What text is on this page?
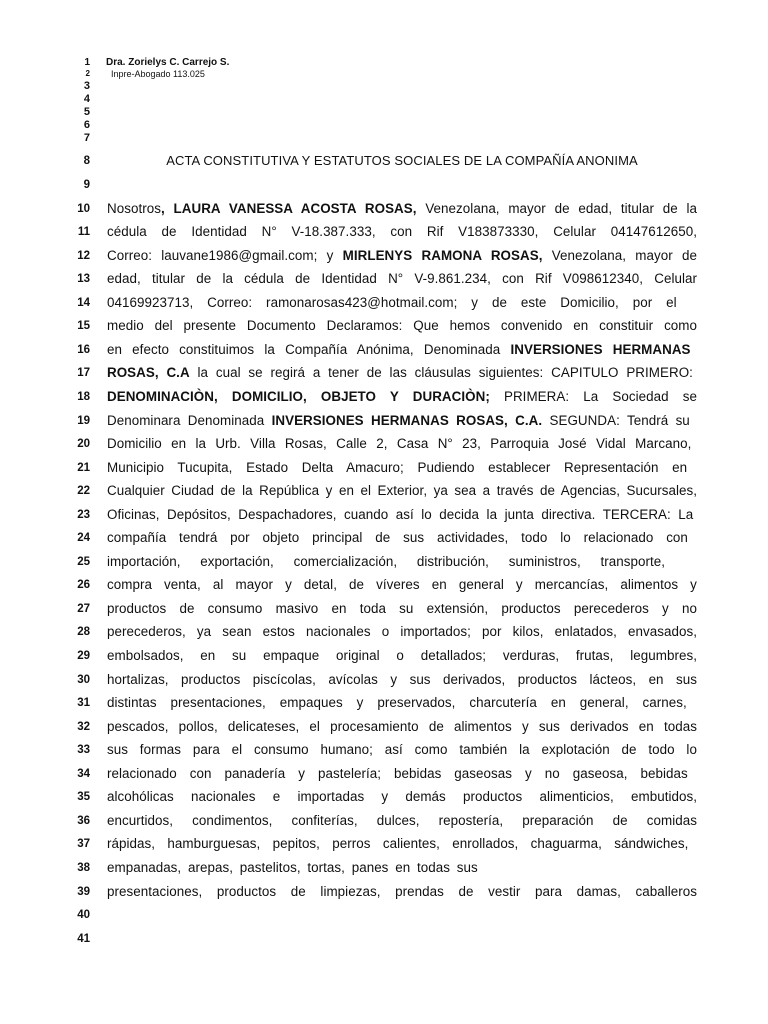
1 Dra. Zorielys C. Carrejo S.
2 Inpre-Abogado 113.025
3
4
5
6
7
8	ACTA CONSTITUTIVA Y ESTATUTOS SOCIALES DE LA COMPAÑÍA ANONIMA
9
10 Nosotros, LAURA VANESSA ACOSTA ROSAS, Venezolana, mayor de edad, titular de la
11 cédula de Identidad N° V-18.387.333, con Rif V183873330, Celular 04147612650,
12 Correo: lauvane1986@gmail.com; y MIRLENYS RAMONA ROSAS, Venezolana, mayor de
13 edad, titular de la cédula de Identidad N° V-9.861.234, con Rif V098612340, Celular
14 04169923713, Correo: ramonarosas423@hotmail.com; y de este Domicilio, por el
15 medio del presente Documento Declaramos: Que hemos convenido en constituir como
16 en efecto constituimos la Compañía Anónima, Denominada INVERSIONES HERMANAS
17 ROSAS, C.A la cual se regirá a tener de las cláusulas siguientes: CAPITULO PRIMERO:
18 DENOMINACIÒN, DOMICILIO, OBJETO Y DURACIÒN; PRIMERA: La Sociedad se
19 Denominara Denominada INVERSIONES HERMANAS ROSAS, C.A. SEGUNDA: Tendrá su
20 Domicilio en la Urb. Villa Rosas, Calle 2, Casa N° 23, Parroquia José Vidal Marcano,
21 Municipio Tucupita, Estado Delta Amacuro; Pudiendo establecer Representación en
22 Cualquier Ciudad de la República y en el Exterior, ya sea a través de Agencias, Sucursales,
23 Oficinas, Depósitos, Despachadores, cuando así lo decida la junta directiva. TERCERA: La
24 compañía tendrá por objeto principal de sus actividades, todo lo relacionado con
25 importación, exportación, comercialización, distribución, suministros, transporte,
26 compra venta, al mayor y detal, de víveres en general y mercancías, alimentos y
27 productos de consumo masivo en toda su extensión, productos perecederos y no
28 perecederos, ya sean estos nacionales o importados; por kilos, enlatados, envasados,
29 embolsados, en su empaque original o detallados; verduras, frutas, legumbres,
30 hortalizas, productos piscícolas, avícolas y sus derivados, productos lácteos, en sus
31 distintas presentaciones, empaques y preservados, charcutería en general, carnes,
32 pescados, pollos, delicateses, el procesamiento de alimentos y sus derivados en todas
33 sus formas para el consumo humano; así como también la explotación de todo lo
34 relacionado con panadería y pastelería; bebidas gaseosas y no gaseosa, bebidas
35 alcohólicas nacionales e importadas y demás productos alimenticios, embutidos,
36 encurtidos, condimentos, confiterías, dulces, repostería, preparación de comidas
37 rápidas, hamburguesas, pepitos, perros calientes, enrollados, chaguarma, sándwiches,
38 empanadas, arepas, pastelitos, tortas, panes en todas sus
39 presentaciones, productos de limpiezas, prendas de vestir para damas, caballeros
40
41
